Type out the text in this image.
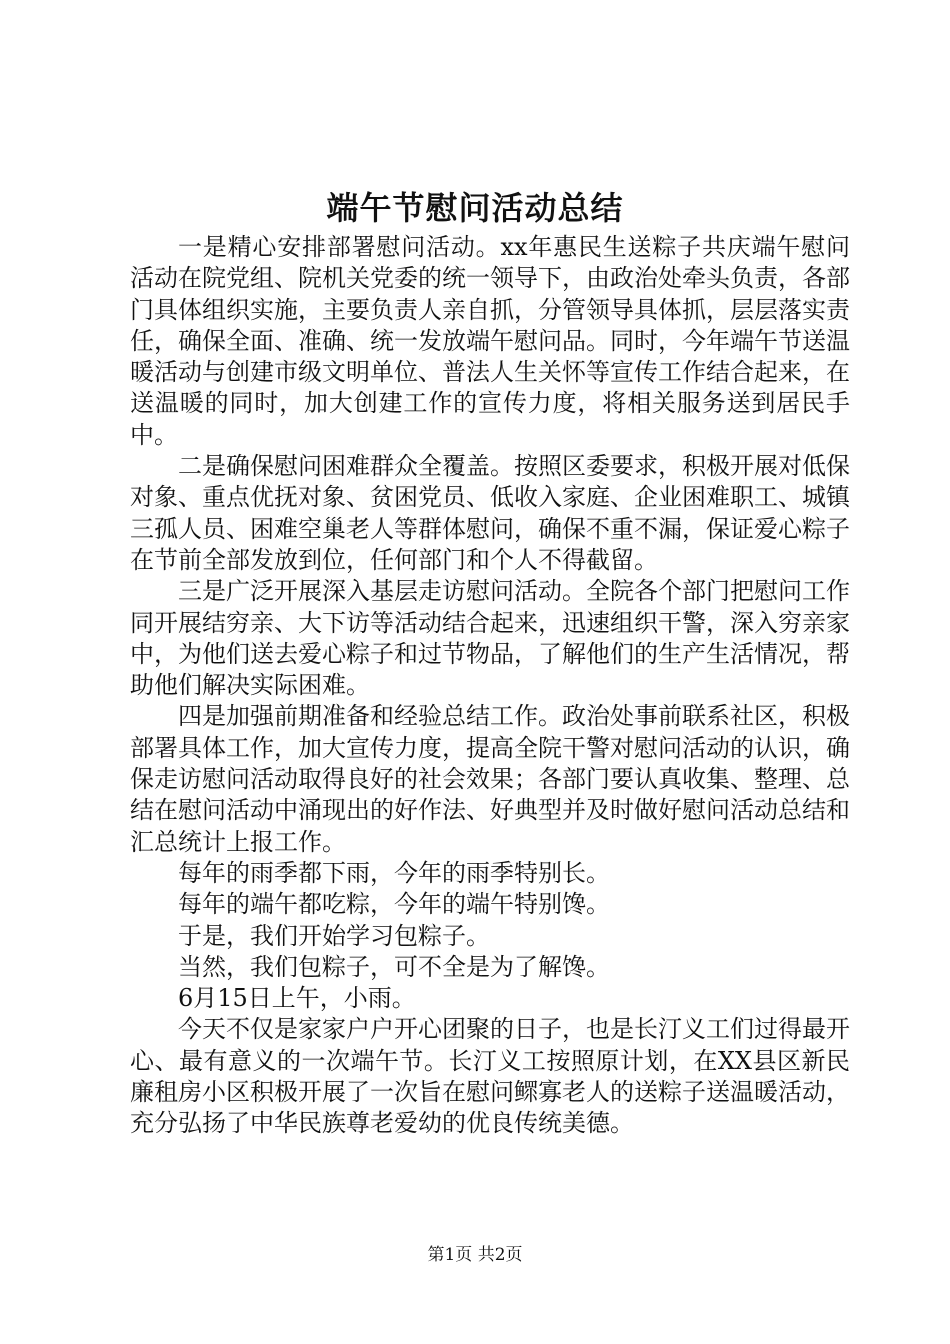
端午节慰问活动总结

一是精心安排部署慰问活动。xx年惠民生送粽子共庆端午慰问活动在院党组、院机关党委的统一领导下，由政治处牵头负责，各部门具体组织实施，主要负责人亲自抓，分管领导具体抓，层层落实责任，确保全面、准确、统一发放端午慰问品。同时，今年端午节送温暖活动与创建市级文明单位、普法人生关怀等宣传工作结合起来，在送温暖的同时，加大创建工作的宣传力度，将相关服务送到居民手中。

二是确保慰问困难群众全覆盖。按照区委要求，积极开展对低保对象、重点优抚对象、贫困党员、低收入家庭、企业困难职工、城镇三孤人员、困难空巢老人等群体慰问，确保不重不漏，保证爱心粽子在节前全部发放到位，任何部门和个人不得截留。

三是广泛开展深入基层走访慰问活动。全院各个部门把慰问工作同开展结穷亲、大下访等活动结合起来，迅速组织干警，深入穷亲家中，为他们送去爱心粽子和过节物品，了解他们的生产生活情况，帮助他们解决实际困难。

四是加强前期准备和经验总结工作。政治处事前联系社区，积极部署具体工作，加大宣传力度，提高全院干警对慰问活动的认识，确保走访慰问活动取得良好的社会效果；各部门要认真收集、整理、总结在慰问活动中涌现出的好作法、好典型并及时做好慰问活动总结和汇总统计上报工作。

每年的雨季都下雨，今年的雨季特别长。

每年的端午都吃粽，今年的端午特别馋。

于是，我们开始学习包粽子。

当然，我们包粽子，可不全是为了解馋。

6月15日上午，小雨。

今天不仅是家家户户开心团聚的日子，也是长汀义工们过得最开心、最有意义的一次端午节。长汀义工按照原计划，在XX县区新民廉租房小区积极开展了一次旨在慰问鳏寡老人的送粽子送温暖活动，充分弘扬了中华民族尊老爱幼的优良传统美德。

第1页 共2页
